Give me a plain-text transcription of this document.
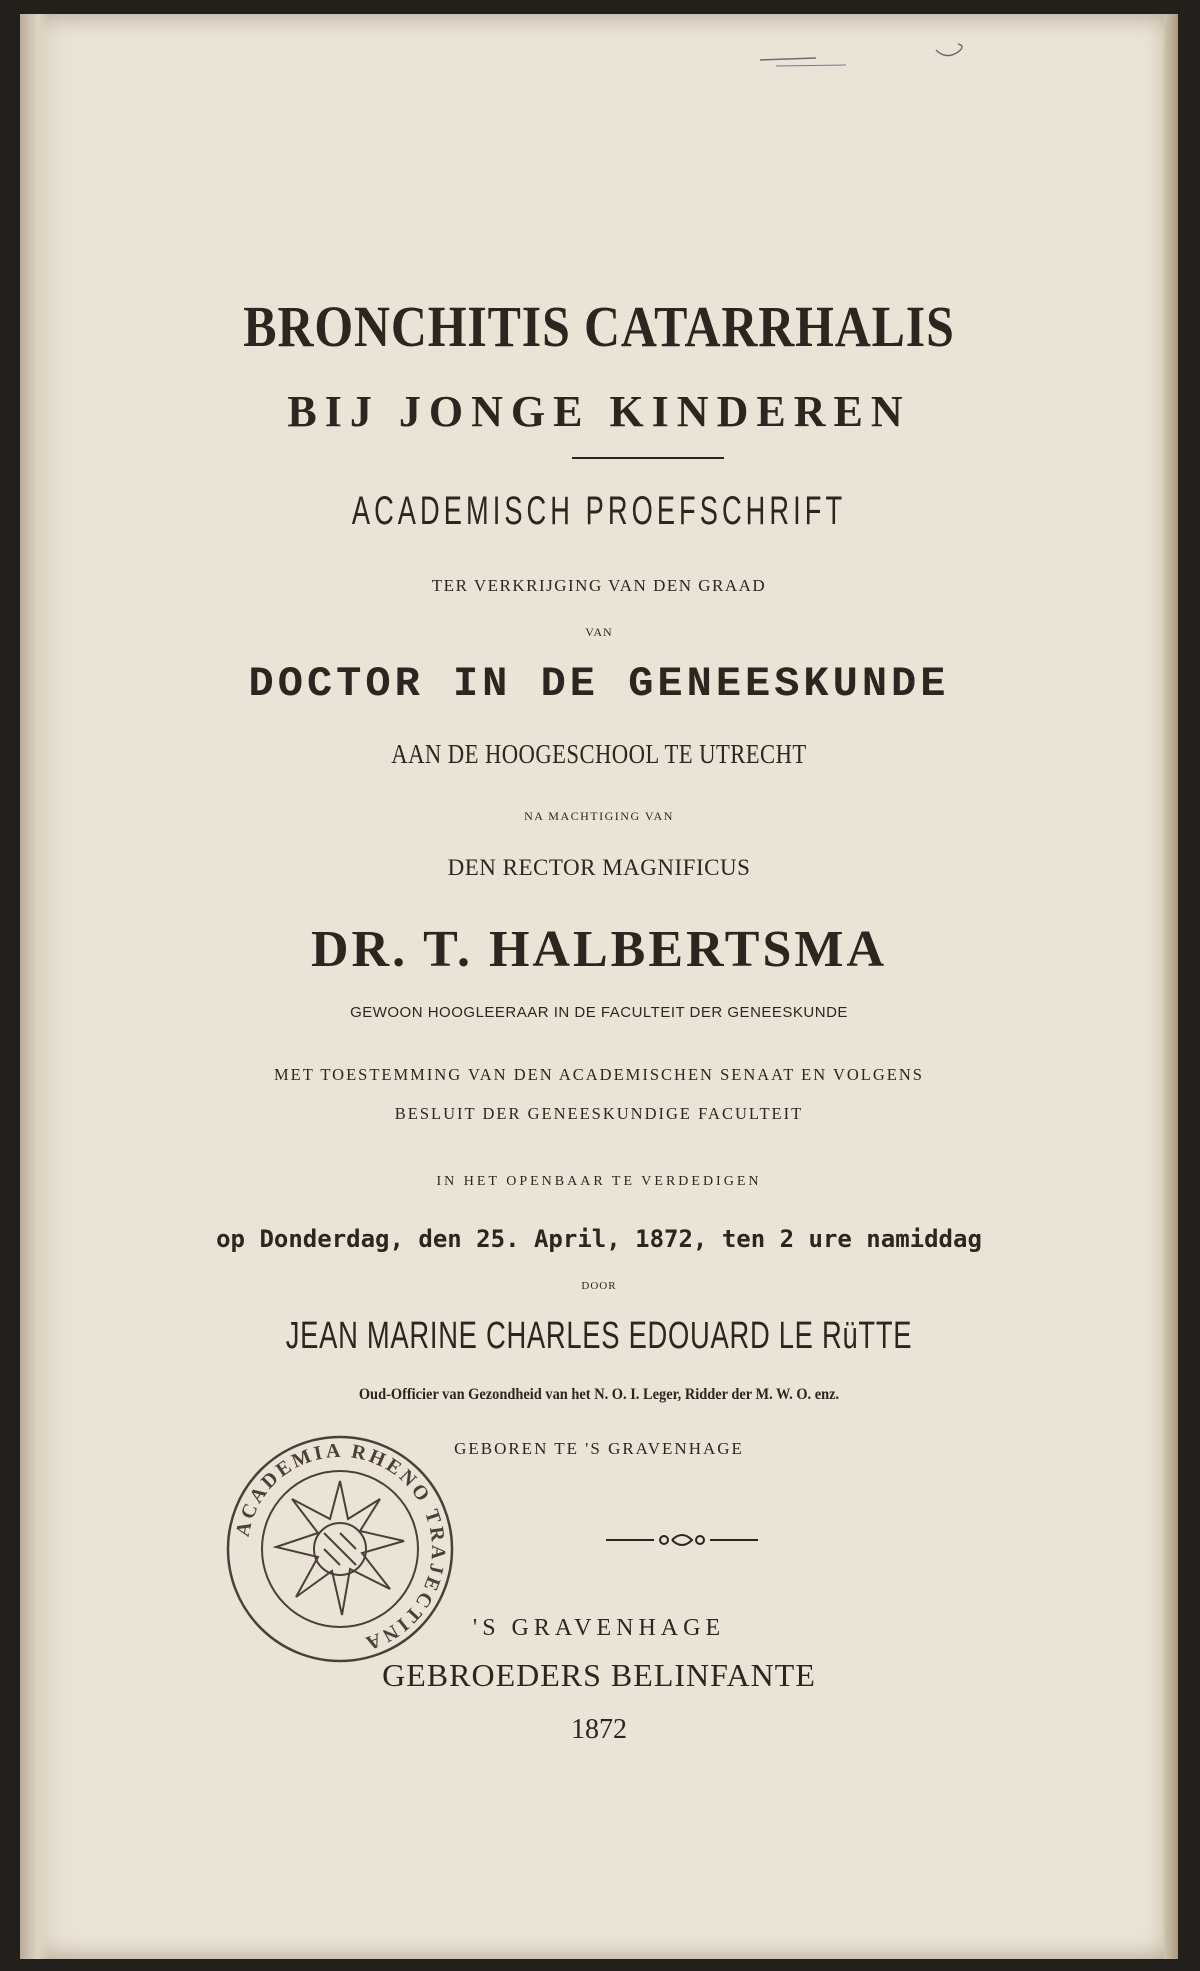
BRONCHITIS CATARRHALIS
BIJ JONGE KINDEREN
ACADEMISCH PROEFSCHRIFT
TER VERKRIJGING VAN DEN GRAAD
VAN
DOCTOR IN DE GENEESKUNDE
AAN DE HOOGESCHOOL TE UTRECHT
NA MACHTIGING VAN
DEN RECTOR MAGNIFICUS
DR. T. HALBERTSMA
GEWOON HOOGLEERAAR IN DE FACULTEIT DER GENEESKUNDE
MET TOESTEMMING VAN DEN ACADEMISCHEN SENAAT EN VOLGENS
BESLUIT DER GENEESKUNDIGE FACULTEIT
IN HET OPENBAAR TE VERDEDIGEN
op Donderdag, den 25. April, 1872, ten 2 ure namiddag
DOOR
JEAN MARINE CHARLES EDOUARD LE RüTTE
Oud-Officier van Gezondheid van het N. O. I. Leger, Ridder der M. W. O. enz.
GEBOREN TE 'S GRAVENHAGE
'S GRAVENHAGE
GEBROEDERS BELINFANTE
1872
ACADEMIA RHENO TRAJECTINA
